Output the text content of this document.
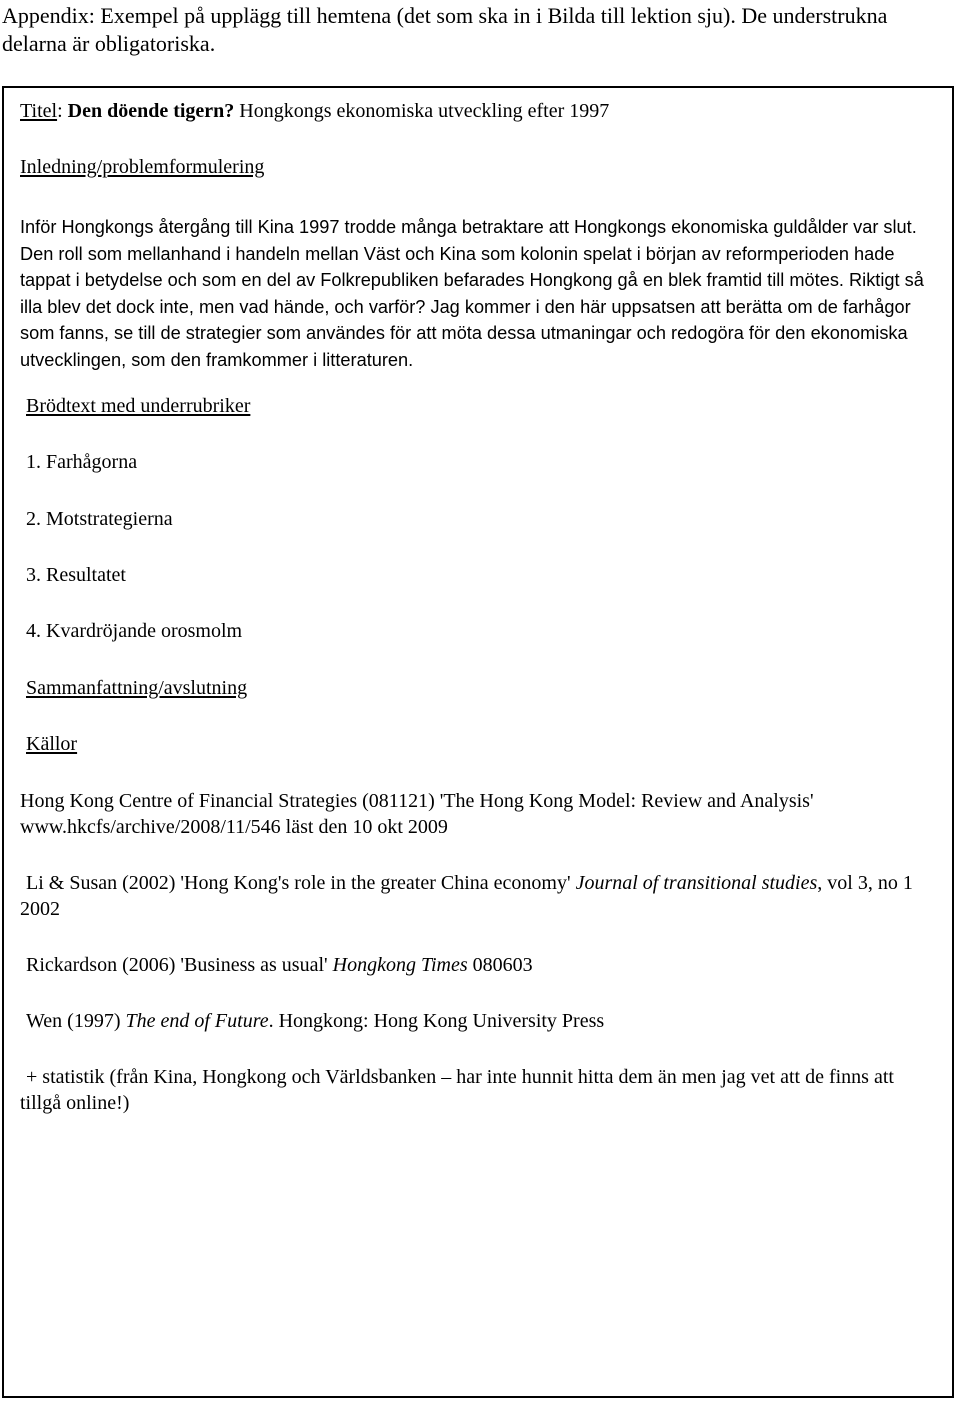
Appendix: Exempel på upplägg till hemtena (det som ska in i Bilda till lektion sju). De understrukna delarna är obligatoriska.
Titel: Den döende tigern? Hongkongs ekonomiska utveckling efter 1997
Inledning/problemformulering
Inför Hongkongs återgång till Kina 1997 trodde många betraktare att Hongkongs ekonomiska guldålder var slut. Den roll som mellanhand i handeln mellan Väst och Kina som kolonin spelat i början av reformperioden hade tappat i betydelse och som en del av Folkrepubliken befarades Hongkong gå en blek framtid till mötes. Riktigt så illa blev det dock inte, men vad hände, och varför? Jag kommer i den här uppsatsen att berätta om de farhågor som fanns, se till de strategier som användes för att möta dessa utmaningar och redogöra för den ekonomiska utvecklingen, som den framkommer i litteraturen.
Brödtext med underrubriker
1. Farhågorna
2. Motstrategierna
3. Resultatet
4. Kvardröjande orosmolm
Sammanfattning/avslutning
Källor
Hong Kong Centre of Financial Strategies (081121) 'The Hong Kong Model: Review and Analysis'
www.hkcfs/archive/2008/11/546 läst den 10 okt 2009
Li & Susan (2002) 'Hong Kong's role in the greater China economy' Journal of transitional studies, vol 3, no 1 2002
Rickardson (2006) 'Business as usual' Hongkong Times 080603
Wen (1997) The end of Future. Hongkong: Hong Kong University Press
+ statistik (från Kina, Hongkong och Världsbanken – har inte hunnit hitta dem än men jag vet att de finns att tillgå online!)
